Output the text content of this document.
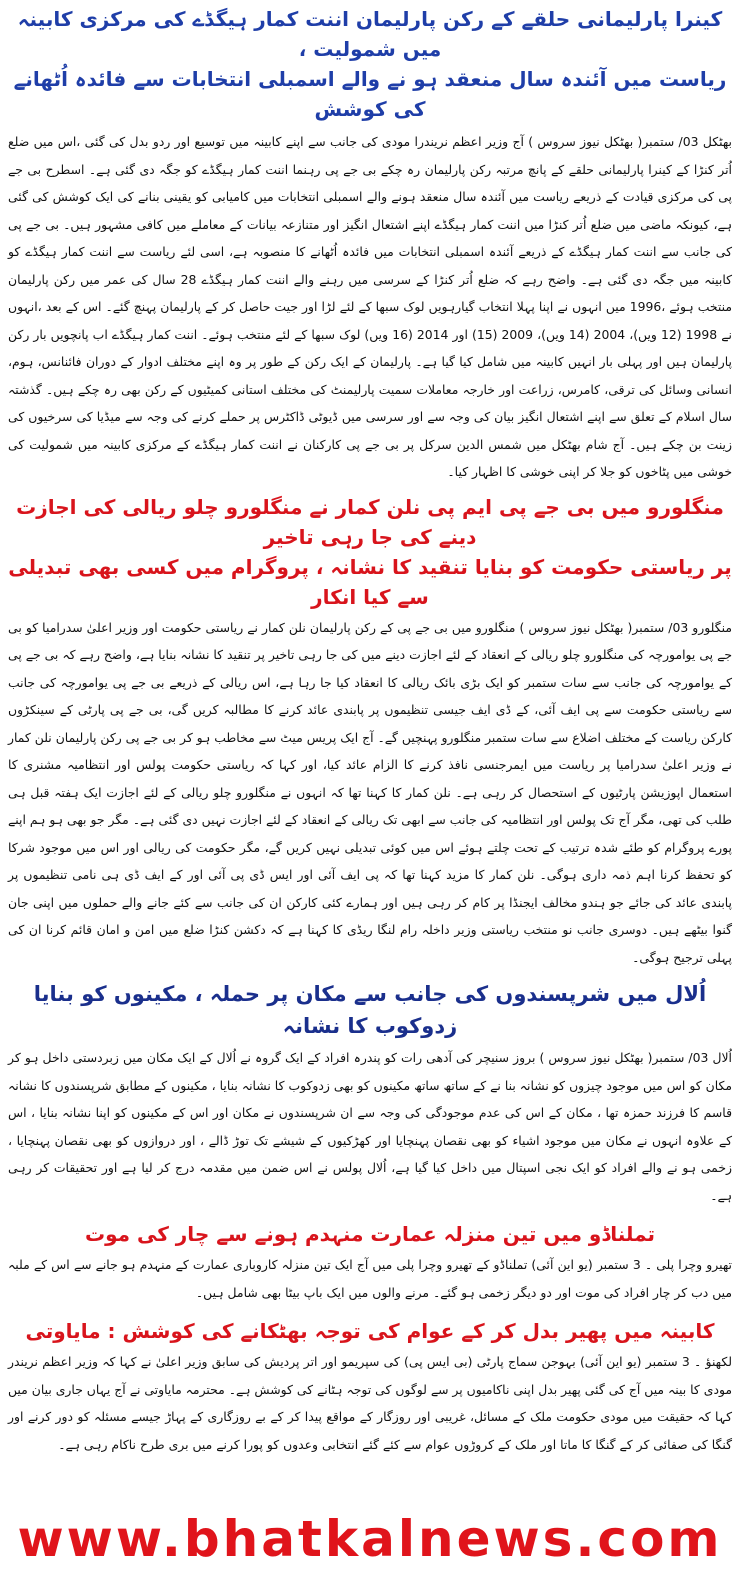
کینرا پارلیمانی حلقے کے رکن پارلیمان اننت کمار ہیگڈے کی مرکزی کابینہ میں شمولیت ،
ریاست میں آئندہ سال منعقد ہو نے والے اسمبلی انتخابات سے فائدہ اُٹھانے کی کوشش

بھٹکل 03/ ستمبر( بھٹکل نیوز سروس ) آج وزیر اعظم نریندرا مودی کی جانب سے اپنے کابینہ میں توسیع اور ردو بدل کی گئی ،اس میں ضلع اُتر کنڑا کے کینرا پارلیمانی حلقے کے پانچ مرتبہ رکن پارلیمان رہ چکے بی جے پی رہنما اننت کمار ہیگڈے کو جگہ دی گئی ہے۔ اسطرح بی جے پی کی مرکزی قیادت کے ذریعے ریاست میں آئندہ سال منعقد ہونے والے اسمبلی انتخابات میں کامیابی کو یقینی بنانے کی ایک کوشش کی گئی ہے، کیونکہ ماضی میں ضلع اُتر کنڑا میں اننت کمار ہیگڈے اپنے اشتعال انگیز اور متنازعہ بیانات کے معاملے میں کافی مشہور ہیں۔ بی جے پی کی جانب سے اننت کمار ہیگڈے کے ذریعے آئندہ اسمبلی انتخابات میں فائدہ اُٹھانے کا منصوبہ ہے، اسی لئے ریاست سے اننت کمار ہیگڈے کو کابینہ میں جگہ دی گئی ہے۔ واضح رہے کہ ضلع اُتر کنڑا کے سرسی میں رہنے والے اننت کمار ہیگڈے 28 سال کی عمر میں رکن پارلیمان منتخب ہوئے ،1996 میں انہوں نے اپنا پہلا انتخاب گیارہویں لوک سبھا کے لئے لڑا اور جیت حاصل کر کے پارلیمان پہنچ گئے۔ اس کے بعد ،انہوں نے 1998 (12 ویں)، 2004 (14 ویں)، 2009 (15) اور 2014 (16 ویں) لوک سبھا کے لئے منتخب ہوئے۔ اننت کمار ہیگڈے اب پانچویں بار رکن پارلیمان ہیں اور پہلی بار انہیں کابینہ میں شامل کیا گیا ہے۔ پارلیمان کے ایک رکن کے طور پر وہ اپنے مختلف ادوار کے دوران فائنانس، ہوم، انسانی وسائل کی ترقی، کامرس، زراعت اور خارجہ معاملات سمیت پارلیمنٹ کی مختلف استانی کمیٹیوں کے رکن بھی رہ چکے ہیں۔ گذشتہ سال اسلام کے تعلق سے اپنے اشتعال انگیز بیان کی وجہ سے اور سرسی میں ڈیوٹی ڈاکٹرس پر حملے کرنے کی وجہ سے میڈیا کی سرخیوں کی زینت بن چکے ہیں۔ آج شام بھٹکل میں شمس الدین سرکل پر بی جے پی کارکنان نے اننت کمار ہیگڈے کے مرکزی کابینہ میں شمولیت کی خوشی میں پٹاخوں کو جلا کر اپنی خوشی کا اظہار کیا۔

منگلورو میں بی جے پی ایم پی نلن کمار نے منگلورو چلو ریالی کی اجازت دینے کی جا رہی تاخیر
پر ریاستی حکومت کو بنایا تنقید کا نشانہ ، پروگرام میں کسی بھی تبدیلی سے کیا انکار

منگلورو 03/ ستمبر( بھٹکل نیوز سروس ) منگلورو میں بی جے پی کے رکن پارلیمان نلن کمار نے ریاستی حکومت اور وزیر اعلیٰ سدرامیا کو بی جے پی یوامورچہ کی منگلورو چلو ریالی کے انعقاد کے لئے اجازت دینے میں کی جا رہی تاخیر پر تنقید کا نشانہ بنایا ہے، واضح رہے کہ بی جے پی کے یوامورچہ کی جانب سے سات ستمبر کو ایک بڑی بائک ریالی کا انعقاد کیا جا رہا ہے، اس ریالی کے ذریعے بی جے پی یوامورچہ کی جانب سے ریاستی حکومت سے پی ایف آئی، کے ڈی ایف جیسی تنظیموں پر پابندی عائد کرنے کا مطالبہ کریں گی، بی جے پی پارٹی کے سینکڑوں کارکن ریاست کے مختلف اضلاع سے سات ستمبر منگلورو پہنچیں گے۔ آج ایک پریس میٹ سے مخاطب ہو کر بی جے پی رکن پارلیمان نلن کمار نے وزیر اعلیٰ سدرامیا پر ریاست میں ایمرجنسی نافذ کرنے کا الزام عائد کیا، اور کہا کہ ریاستی حکومت پولس اور انتظامیہ مشنری کا استعمال اپوزیشن پارٹیوں کے استحصال کر رہی ہے۔ نلن کمار کا کہنا تھا کہ انہوں نے منگلورو چلو ریالی کے لئے اجازت ایک ہفتہ قبل ہی طلب کی تھی، مگر آج تک پولس اور انتظامیہ کی جانب سے ابھی تک ریالی کے انعقاد کے لئے اجازت نہیں دی گئی ہے۔ مگر جو بھی ہو ہم اپنے پورے پروگرام کو طئے شدہ ترتیب کے تحت چلتے ہوئے اس میں کوئی تبدیلی نہیں کریں گے، مگر حکومت کی ریالی اور اس میں موجود شرکا کو تحفظ کرنا اہم ذمہ داری ہوگی۔ نلن کمار کا مزید کہنا تھا کہ پی ایف آئی اور ایس ڈی پی آئی اور کے ایف ڈی ہی نامی تنظیموں پر پابندی عائد کی جائے جو ہندو مخالف ایجنڈا پر کام کر رہی ہیں اور ہمارے کئی کارکن ان کی جانب سے کئے جانے والے حملوں میں اپنی جان گنوا بیٹھے ہیں۔ دوسری جانب نو منتخب ریاستی وزیر داخلہ رام لنگا ریڈی کا کہنا ہے کہ دکشن کنڑا ضلع میں امن و امان قائم کرنا ان کی پہلی ترجیح ہوگی۔

اُلال میں شرپسندوں کی جانب سے مکان پر حملہ ، مکینوں کو بنایا زدوکوب کا نشانہ

اُلال 03/ ستمبر( بھٹکل نیوز سروس ) بروز سنیچر کی آدھی رات کو پندرہ افراد کے ایک گروہ نے اُلال کے ایک مکان میں زبردستی داخل ہو کر مکان کو اس میں موجود چیزوں کو نشانہ بنا نے کے ساتھ ساتھ مکینوں کو بھی زدوکوب کا نشانہ بنایا ، مکینوں کے مطابق شرپسندوں کا نشانہ قاسم کا فرزند حمزہ تھا ، مکان کے اس کی عدم موجودگی کی وجہ سے ان شرپسندوں نے مکان اور اس کے مکینوں کو اپنا نشانہ بنایا ، اس کے علاوہ انہوں نے مکان میں موجود اشیاء کو بھی نقصان پہنچایا اور کھڑکیوں کے شیشے تک توڑ ڈالے ، اور دروازوں کو بھی نقصان پہنچایا ، زخمی ہو نے والے افراد کو ایک نجی اسپتال میں داخل کیا گیا ہے، اُلال پولس نے اس ضمن میں مقدمہ درج کر لیا ہے اور تحقیقات کر رہی ہے۔

تملناڈو میں تین منزلہ عمارت منہدم ہونے سے چار کی موت

تھیرو وچرا پلی ۔ 3 ستمبر (یو این آئی) تملناڈو کے تھیرو وچرا پلی میں آج ایک تین منزلہ کاروباری عمارت کے منہدم ہو جانے سے اس کے ملبہ میں دب کر چار افراد کی موت اور دو دیگر زخمی ہو گئے۔ مرنے والوں میں ایک باپ بیٹا بھی شامل ہیں۔

کابینہ میں پھیر بدل کر کے عوام کی توجہ بھٹکانے کی کوشش : مایاوتی

لکھنؤ ۔ 3 ستمبر (یو این آئی) بہوجن سماج پارٹی (بی ایس پی) کی سپریمو اور اتر پردیش کی سابق وزیر اعلیٰ نے کہا کہ وزیر اعظم نریندر مودی کا بینہ میں آج کی گئی پھیر بدل اپنی ناکامیوں پر سے لوگوں کی توجہ ہٹانے کی کوشش ہے۔ محترمہ مایاوتی نے آج یہاں جاری بیان میں کہا کہ حقیقت میں مودی حکومت ملک کے مسائل، غریبی اور روزگار کے مواقع پیدا کر کے بے روزگاری کے پہاڑ جیسے مسئلہ کو دور کرنے اور گنگا کی صفائی کر کے گنگا کا ماتا اور ملک کے کروڑوں عوام سے کئے گئے انتخابی وعدوں کو پورا کرنے میں بری طرح ناکام رہی ہے۔

www.bhatkalnews.com
